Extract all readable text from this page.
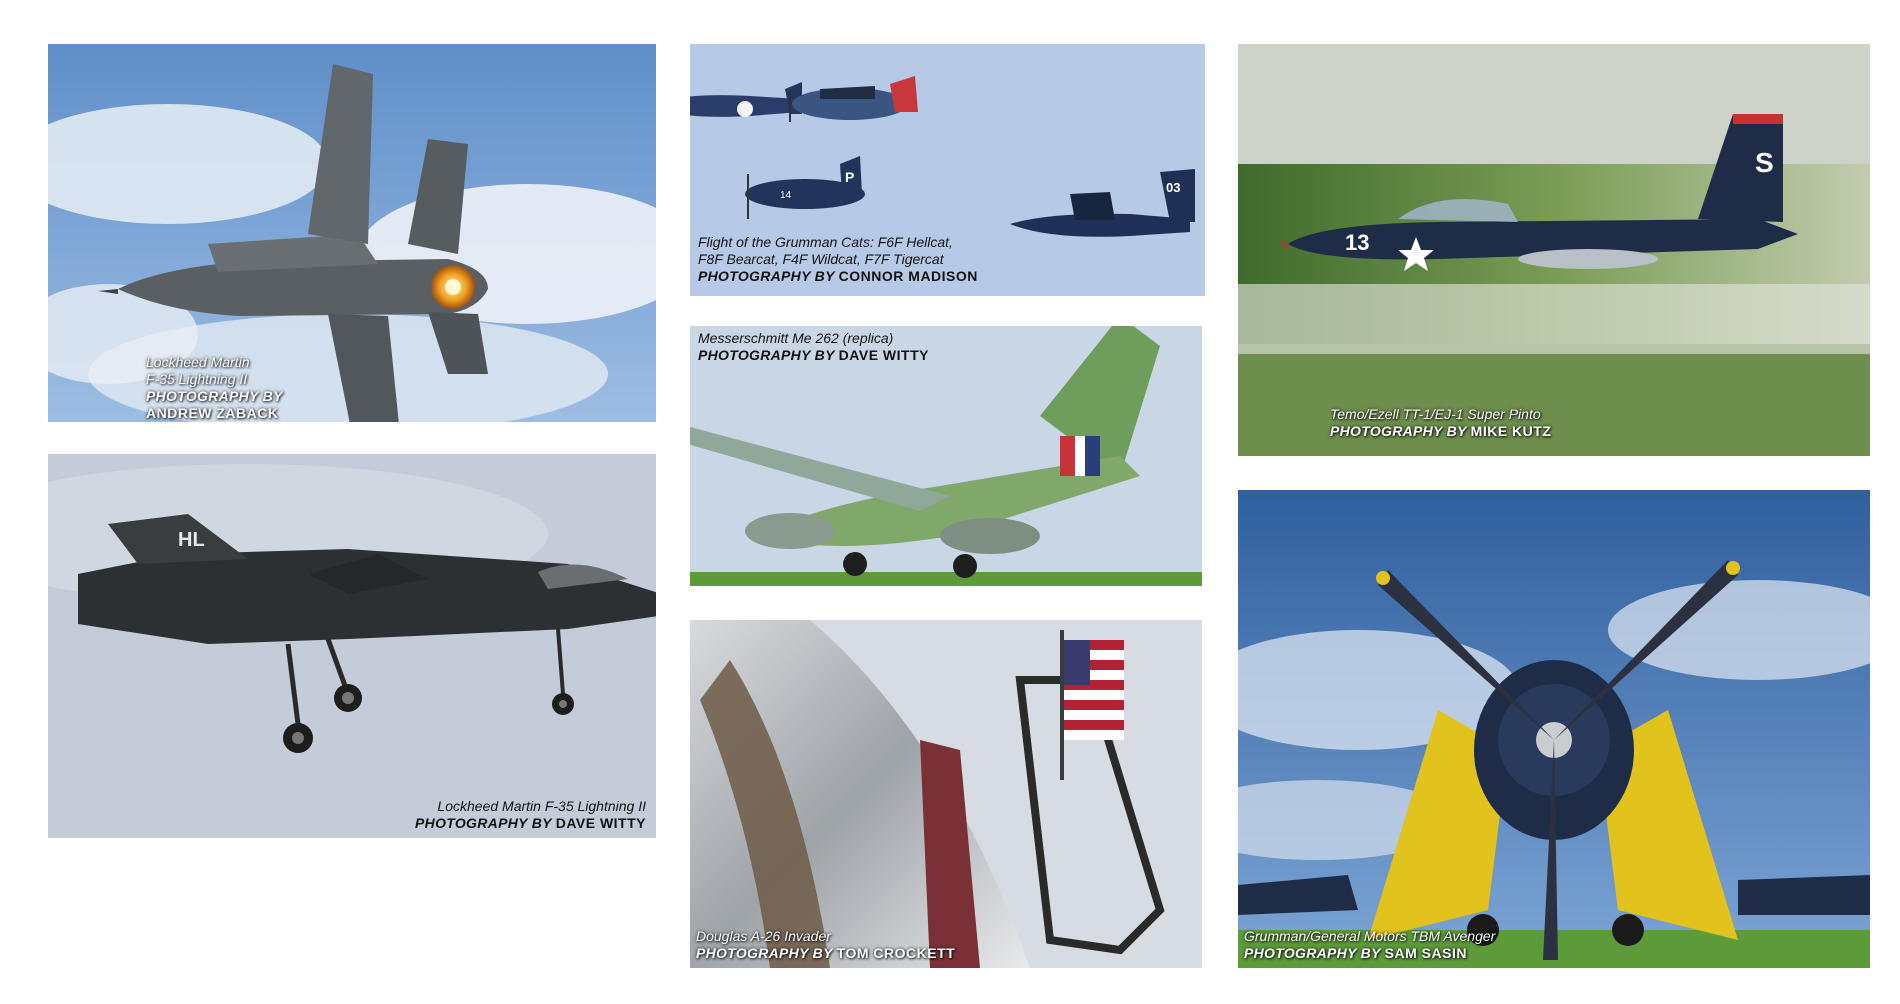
Lockheed Martin
F-35 Lightning II
PHOTOGRAPHY BY
ANDREW ZABACK
HL
Lockheed Martin F-35 Lightning II
PHOTOGRAPHY BY DAVE WITTY
P
14
03
Flight of the Grumman Cats: F6F Hellcat,
F8F Bearcat, F4F Wildcat, F7F Tigercat
PHOTOGRAPHY BY CONNOR MADISON
Messerschmitt Me 262 (replica)
PHOTOGRAPHY BY DAVE WITTY
S
13
Temo/Ezell TT-1/EJ-1 Super Pinto
PHOTOGRAPHY BY MIKE KUTZ
Douglas A-26 Invader
PHOTOGRAPHY BY TOM CROCKETT
Grumman/General Motors TBM Avenger
PHOTOGRAPHY BY SAM SASIN
